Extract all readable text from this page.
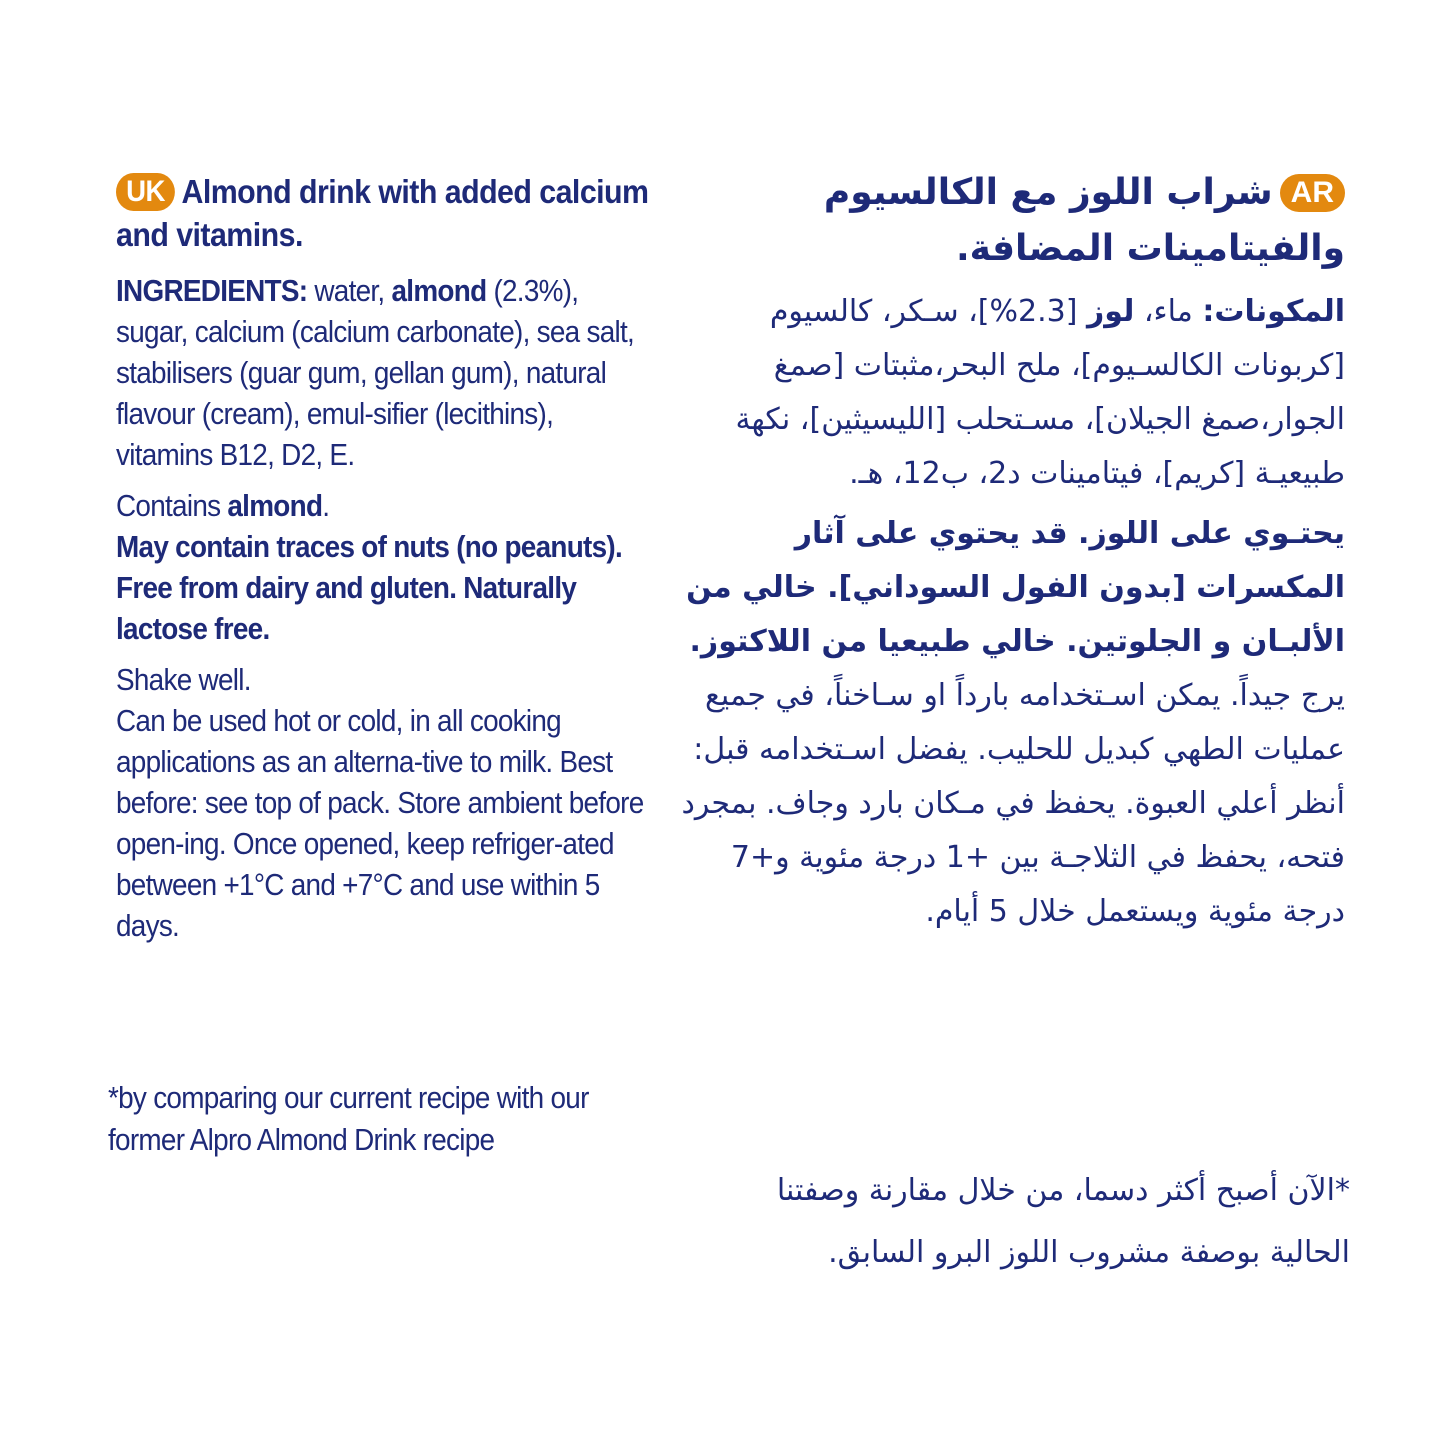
UK Almond drink with added calcium and vitamins.

INGREDIENTS: water, almond (2.3%), sugar, calcium (calcium carbonate), sea salt, stabilisers (guar gum, gellan gum), natural flavour (cream), emul-sifier (lecithins), vitamins B12, D2, E.

Contains almond.
May contain traces of nuts (no peanuts). Free from dairy and gluten. Naturally lactose free.

Shake well.
Can be used hot or cold, in all cooking applications as an alterna-tive to milk. Best before: see top of pack. Store ambient before open-ing. Once opened, keep refriger-ated between +1°C and +7°C and use within 5 days.

*by comparing our current recipe with our former Alpro Almond Drink recipe
ARشراب اللوز مع الكالسيوم والفيتامينات المضافة.

المكونات: ماء، لوز [2.3%]، سـكر، كالسيوم [كربونات الكالسـيوم]، ملح البحر،مثبتات [صمغ الجوار،صمغ الجيلان]، مسـتحلب [الليسيثين]، نكهة طبيعيـة [كريم]، فيتامينات د2، ب12، هـ.

يحتـوي على اللوز. قد يحتوي على آثار المكسرات [بدون الفول السوداني]. خالي من الألبـان و الجلوتين. خالي طبيعيا من اللاكتوز. يرج جيداً. يمكن اسـتخدامه بارداً او سـاخناً، في جميع عمليات الطهي كبديل للحليب. يفضل اسـتخدامه قبل: أنظر أعلي العبوة. يحفظ في مـكان بارد وجاف. بمجرد فتحه، يحفظ في الثلاجـة بين +1 درجة مئوية و+7 درجة مئوية ويستعمل خلال 5 أيام.

*الآن أصبح أكثر دسما، من خلال مقارنة وصفتنا الحالية بوصفة مشروب اللوز البرو السابق.
